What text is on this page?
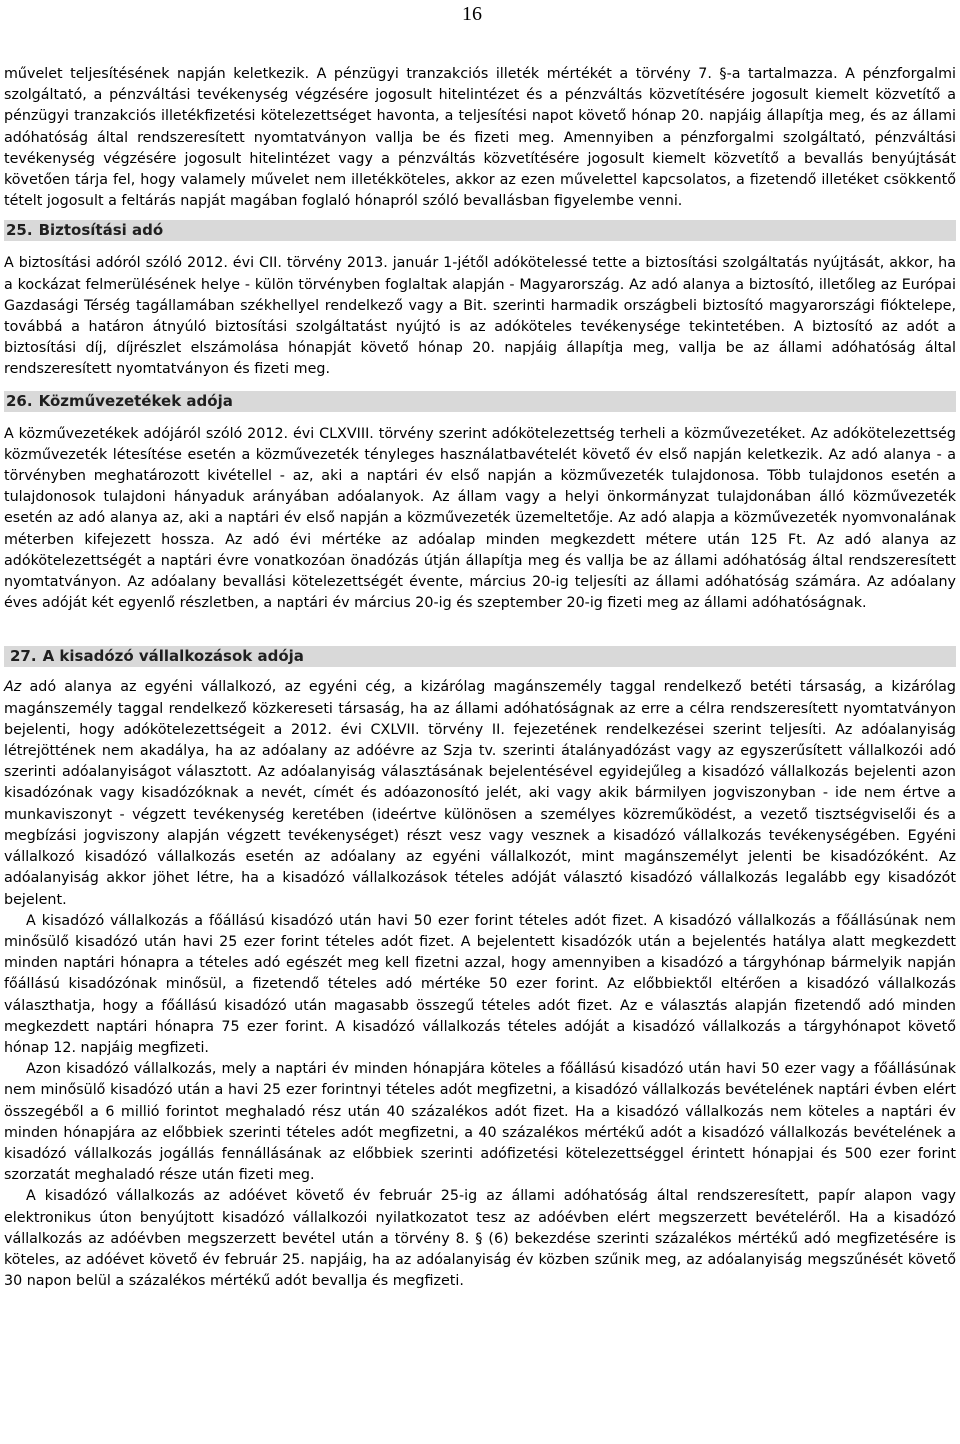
16

művelet teljesítésének napján keletkezik. A pénzügyi tranzakciós illeték mértékét a törvény 7. §-a tartalmazza. A pénzforgalmi szolgáltató, a pénzváltási tevékenység végzésére jogosult hitelintézet és a pénzváltás közvetítésére jogosult kiemelt közvetítő a pénzügyi tranzakciós illetékfizetési kötelezettséget havonta, a teljesítési napot követő hónap 20. napjáig állapítja meg, és az állami adóhatóság által rendszeresített nyomtatványon vallja be és fizeti meg. Amennyiben a pénzforgalmi szolgáltató, pénzváltási tevékenység végzésére jogosult hitelintézet vagy a pénzváltás közvetítésére jogosult kiemelt közvetítő a bevallás benyújtását követően tárja fel, hogy valamely művelet nem illetékköteles, akkor az ezen művelettel kapcsolatos, a fizetendő illetéket csökkentő tételt jogosult a feltárás napját magában foglaló hónapról szóló bevallásban figyelembe venni.

25. Biztosítási adó

A biztosítási adóról szóló 2012. évi CII. törvény 2013. január 1-jétől adókötelessé tette a biztosítási szolgáltatás nyújtását, akkor, ha a kockázat felmerülésének helye - külön törvényben foglaltak alapján - Magyarország. Az adó alanya a biztosító, illetőleg az Európai Gazdasági Térség tagállamában székhellyel rendelkező vagy a Bit. szerinti harmadik országbeli biztosító magyarországi fióktelepe, továbbá a határon átnyúló biztosítási szolgáltatást nyújtó is az adóköteles tevékenysége tekintetében. A biztosító az adót a biztosítási díj, díjrészlet elszámolása hónapját követő hónap 20. napjáig állapítja meg, vallja be az állami adóhatóság által rendszeresített nyomtatványon és fizeti meg.

26. Közművezetékek adója

A közművezetékek adójáról szóló 2012. évi CLXVIII. törvény szerint adókötelezettség terheli a közművezetéket. Az adókötelezettség közművezeték létesítése esetén a közművezeték tényleges használatbavételét követő év első napján keletkezik. Az adó alanya - a törvényben meghatározott kivétellel - az, aki a naptári év első napján a közművezeték tulajdonosa. Több tulajdonos esetén a tulajdonosok tulajdoni hányaduk arányában adóalanyok. Az állam vagy a helyi önkormányzat tulajdonában álló közművezeték esetén az adó alanya az, aki a naptári év első napján a közművezeték üzemeltetője. Az adó alapja a közművezeték nyomvonalának méterben kifejezett hossza. Az adó évi mértéke az adóalap minden megkezdett métere után 125 Ft. Az adó alanya az adókötelezettségét a naptári évre vonatkozóan önadózás útján állapítja meg és vallja be az állami adóhatóság által rendszeresített nyomtatványon. Az adóalany bevallási kötelezettségét évente, március 20-ig teljesíti az állami adóhatóság számára. Az adóalany éves adóját két egyenlő részletben, a naptári év március 20-ig és szeptember 20-ig fizeti meg az állami adóhatóságnak.

27. A kisadózó vállalkozások adója

Az adó alanya az egyéni vállalkozó, az egyéni cég, a kizárólag magánszemély taggal rendelkező betéti társaság, a kizárólag magánszemély taggal rendelkező közkereseti társaság, ha az állami adóhatóságnak az erre a célra rendszeresített nyomtatványon bejelenti, hogy adókötelezettségeit a 2012. évi CXLVII. törvény II. fejezetének rendelkezései szerint teljesíti. Az adóalanyiság létrejöttének nem akadálya, ha az adóalany az adóévre az Szja tv. szerinti átalányadózást vagy az egyszerűsített vállalkozói adó szerinti adóalanyiságot választott. Az adóalanyiság választásának bejelentésével egyidejűleg a kisadózó vállalkozás bejelenti azon kisadózónak vagy kisadózóknak a nevét, címét és adóazonosító jelét, aki vagy akik bármilyen jogviszonyban - ide nem értve a munkaviszonyt - végzett tevékenység keretében (ideértve különösen a személyes közreműködést, a vezető tisztségviselői és a megbízási jogviszony alapján végzett tevékenységet) részt vesz vagy vesznek a kisadózó vállalkozás tevékenységében. Egyéni vállalkozó kisadózó vállalkozás esetén az adóalany az egyéni vállalkozót, mint magánszemélyt jelenti be kisadózóként. Az adóalanyiság akkor jöhet létre, ha a kisadózó vállalkozások tételes adóját választó kisadózó vállalkozás legalább egy kisadózót bejelent.

A kisadózó vállalkozás a főállású kisadózó után havi 50 ezer forint tételes adót fizet. A kisadózó vállalkozás a főállásúnak nem minősülő kisadózó után havi 25 ezer forint tételes adót fizet. A bejelentett kisadózók után a bejelentés hatálya alatt megkezdett minden naptári hónapra a tételes adó egészét meg kell fizetni azzal, hogy amennyiben a kisadózó a tárgyhónap bármelyik napján főállású kisadózónak minősül, a fizetendő tételes adó mértéke 50 ezer forint. Az előbbiektől eltérően a kisadózó vállalkozás választhatja, hogy a főállású kisadózó után magasabb összegű tételes adót fizet. Az e választás alapján fizetendő adó minden megkezdett naptári hónapra 75 ezer forint. A kisadózó vállalkozás tételes adóját a kisadózó vállalkozás a tárgyhónapot követő hónap 12. napjáig megfizeti.

Azon kisadózó vállalkozás, mely a naptári év minden hónapjára köteles a főállású kisadózó után havi 50 ezer vagy a főállásúnak nem minősülő kisadózó után a havi 25 ezer forintnyi tételes adót megfizetni, a kisadózó vállalkozás bevételének naptári évben elért összegéből a 6 millió forintot meghaladó rész után 40 százalékos adót fizet. Ha a kisadózó vállalkozás nem köteles a naptári év minden hónapjára az előbbiek szerinti tételes adót megfizetni, a 40 százalékos mértékű adót a kisadózó vállalkozás bevételének a kisadózó vállalkozás jogállás fennállásának az előbbiek szerinti adófizetési kötelezettséggel érintett hónapjai és 500 ezer forint szorzatát meghaladó része után fizeti meg.

A kisadózó vállalkozás az adóévet követő év február 25-ig az állami adóhatóság által rendszeresített, papír alapon vagy elektronikus úton benyújtott kisadózó vállalkozói nyilatkozatot tesz az adóévben elért megszerzett bevételéről. Ha a kisadózó vállalkozás az adóévben megszerzett bevétel után a törvény 8. § (6) bekezdése szerinti százalékos mértékű adó megfizetésére is köteles, az adóévet követő év február 25. napjáig, ha az adóalanyiság év közben szűnik meg, az adóalanyiság megszűnését követő 30 napon belül a százalékos mértékű adót bevallja és megfizeti.
